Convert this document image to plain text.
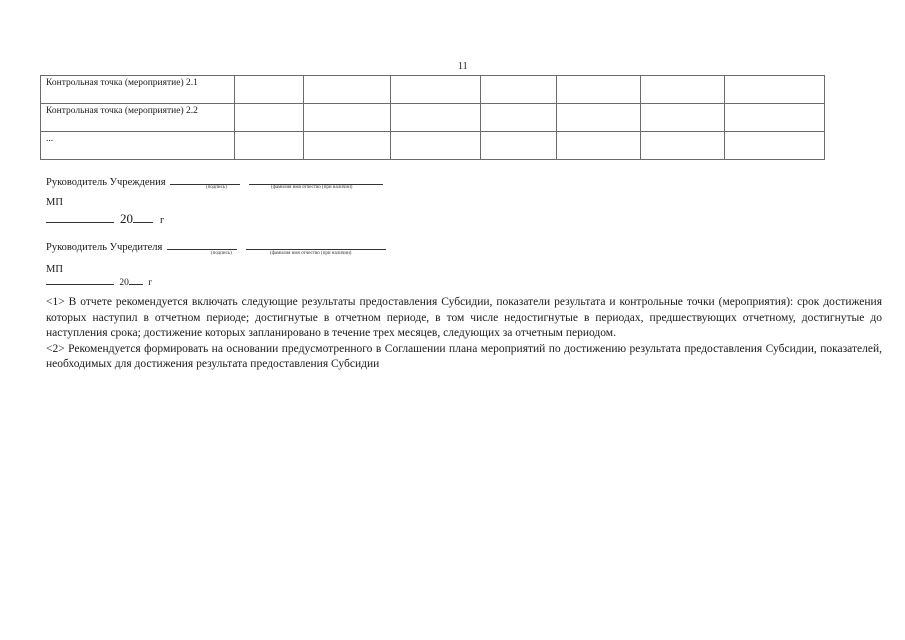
11
Контрольная точка (мероприятие) 2.1							
Контрольная точка (мероприятие) 2.2							
...							
Руководитель Учреждения	(подпись)	(фамилия имя отчество (при наличии)
МП
20	г
Руководитель Учредителя
(подпись)	(фамилия имя отчество (при наличии)
МП
20 г

<1> В отчете рекомендуется включать следующие результаты предоставления Субсидии, показатели результата и контрольные точки (мероприятия): срок достижения которых наступил в отчетном периоде; достигнутые в отчетном периоде, в том числе недостигнутые в периодах, предшествующих отчетному, достигнутые до наступления срока; достижение которых запланировано в течение трех месяцев, следующих за отчетным периодом.

<2> Рекомендуется формировать на основании предусмотренного в Соглашении плана мероприятий по достижению результата предоставления Субсидии, показателей, необходимых для достижения результата предоставления Субсидии
